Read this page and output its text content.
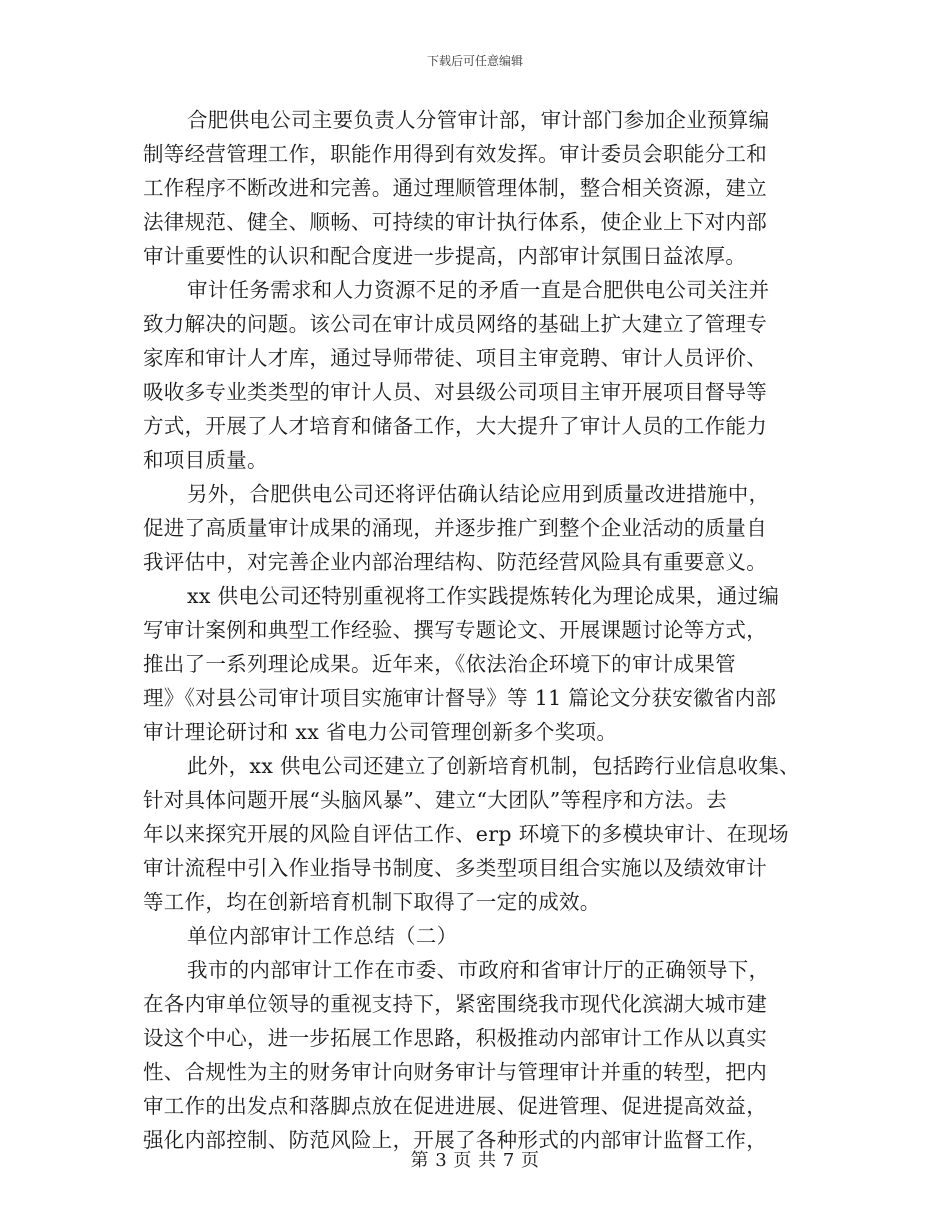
下载后可任意编辑
合肥供电公司主要负责人分管审计部，审计部门参加企业预算编
制等经营管理工作，职能作用得到有效发挥。审计委员会职能分工和
工作程序不断改进和完善。通过理顺管理体制，整合相关资源，建立
法律规范、健全、顺畅、可持续的审计执行体系，使企业上下对内部
审计重要性的认识和配合度进一步提高，内部审计氛围日益浓厚。
审计任务需求和人力资源不足的矛盾一直是合肥供电公司关注并
致力解决的问题。该公司在审计成员网络的基础上扩大建立了管理专
家库和审计人才库，通过导师带徒、项目主审竞聘、审计人员评价、
吸收多专业类类型的审计人员、对县级公司项目主审开展项目督导等
方式，开展了人才培育和储备工作，大大提升了审计人员的工作能力
和项目质量。
另外，合肥供电公司还将评估确认结论应用到质量改进措施中，
促进了高质量审计成果的涌现，并逐步推广到整个企业活动的质量自
我评估中，对完善企业内部治理结构、防范经营风险具有重要意义。
xx 供电公司还特别重视将工作实践提炼转化为理论成果，通过编
写审计案例和典型工作经验、撰写专题论文、开展课题讨论等方式，
推出了一系列理论成果。近年来，《依法治企环境下的审计成果管
理》《对县公司审计项目实施审计督导》等 11 篇论文分获安徽省内部
审计理论研讨和 xx 省电力公司管理创新多个奖项。
此外，xx 供电公司还建立了创新培育机制，包括跨行业信息收集、
针对具体问题开展“头脑风暴”、建立“大团队”等程序和方法。去
年以来探究开展的风险自评估工作、erp 环境下的多模块审计、在现场
审计流程中引入作业指导书制度、多类型项目组合实施以及绩效审计
等工作，均在创新培育机制下取得了一定的成效。
单位内部审计工作总结（二）
我市的内部审计工作在市委、市政府和省审计厅的正确领导下，
在各内审单位领导的重视支持下，紧密围绕我市现代化滨湖大城市建
设这个中心，进一步拓展工作思路，积极推动内部审计工作从以真实
性、合规性为主的财务审计向财务审计与管理审计并重的转型，把内
审工作的出发点和落脚点放在促进进展、促进管理、促进提高效益，
强化内部控制、防范风险上，开展了各种形式的内部审计监督工作，
第 3 页 共 7 页
